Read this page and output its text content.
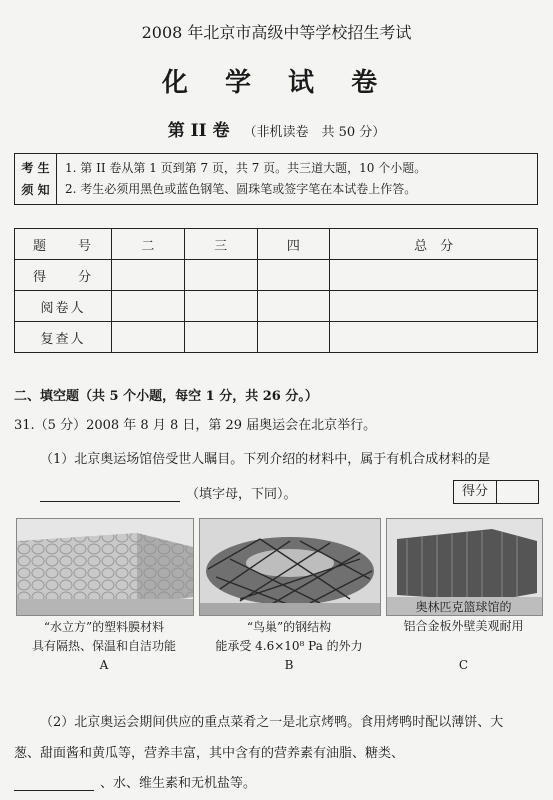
2008 年北京市高级中等学校招生考试
化 学 试 卷
第 II 卷 （非机读卷　共 50 分）
考 生
须 知
1. 第 II 卷从第 1 页到第 7 页，共 7 页。共三道大题，10 个小题。
2. 考生必须用黑色或蓝色钢笔、圆珠笔或签字笔在本试卷上作答。
题　　号	二	三	四	总　分
得　　分				
阅卷人				
复查人				
二、填空题（共 5 个小题，每空 1 分，共 26 分。）
31.（5 分）2008 年 8 月 8 日，第 29 届奥运会在北京举行。
（1）北京奥运场馆倍受世人瞩目。下列介绍的材料中，属于有机合成材料的是
（填字母，下同）。	得分
“水立方”的塑料膜材料
具有隔热、保温和自洁功能
A
“鸟巢”的钢结构
能承受 4.6×10⁸ Pa 的外力
B
奥林匹克篮球馆的
铝合金板外壁美观耐用
C
（2）北京奥运会期间供应的重点菜肴之一是北京烤鸭。食用烤鸭时配以薄饼、大
葱、甜面酱和黄瓜等，营养丰富，其中含有的营养素有油脂、糖类、
、水、维生素和无机盐等。
